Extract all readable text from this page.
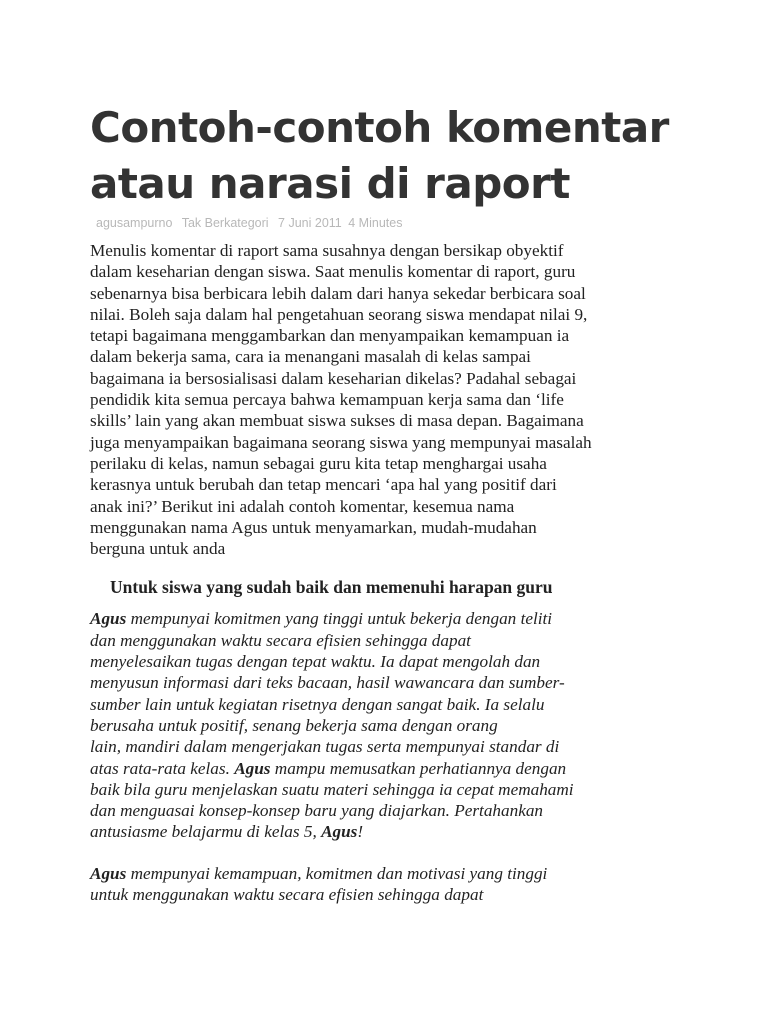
Contoh-contoh komentar atau narasi di raport
agusampurno Tak Berkategori 7 Juni 2011 4 Minutes

Menulis komentar di raport sama susahnya dengan bersikap obyektif
dalam keseharian dengan siswa. Saat menulis komentar di raport, guru
sebenarnya bisa berbicara lebih dalam dari hanya sekedar berbicara soal
nilai. Boleh saja dalam hal pengetahuan seorang siswa mendapat nilai 9,
tetapi bagaimana menggambarkan dan menyampaikan kemampuan ia
dalam bekerja sama, cara ia menangani masalah di kelas sampai
bagaimana ia bersosialisasi dalam keseharian dikelas? Padahal sebagai
pendidik kita semua percaya bahwa kemampuan kerja sama dan ‘life
skills’ lain yang akan membuat siswa sukses di masa depan. Bagaimana
juga menyampaikan bagaimana seorang siswa yang mempunyai masalah
perilaku di kelas, namun sebagai guru kita tetap menghargai usaha
kerasnya untuk berubah dan tetap mencari ‘apa hal yang positif dari
anak ini?’ Berikut ini adalah contoh komentar, kesemua nama
menggunakan nama Agus untuk menyamarkan, mudah-mudahan
berguna untuk anda

Untuk siswa yang sudah baik dan memenuhi harapan guru

Agus mempunyai komitmen yang tinggi untuk bekerja dengan teliti
dan menggunakan waktu secara efisien sehingga dapat
menyelesaikan tugas dengan tepat waktu. Ia dapat mengolah dan
menyusun informasi dari teks bacaan, hasil wawancara dan sumber-
sumber lain untuk kegiatan risetnya dengan sangat baik. Ia selalu
berusaha untuk positif, senang bekerja sama dengan orang
lain, mandiri dalam mengerjakan tugas serta mempunyai standar di
atas rata-rata kelas. Agus mampu memusatkan perhatiannya dengan
baik bila guru menjelaskan suatu materi sehingga ia cepat memahami
dan menguasai konsep-konsep baru yang diajarkan. Pertahankan
antusiasme belajarmu di kelas 5, Agus!

Agus mempunyai kemampuan, komitmen dan motivasi yang tinggi
untuk menggunakan waktu secara efisien sehingga dapat
